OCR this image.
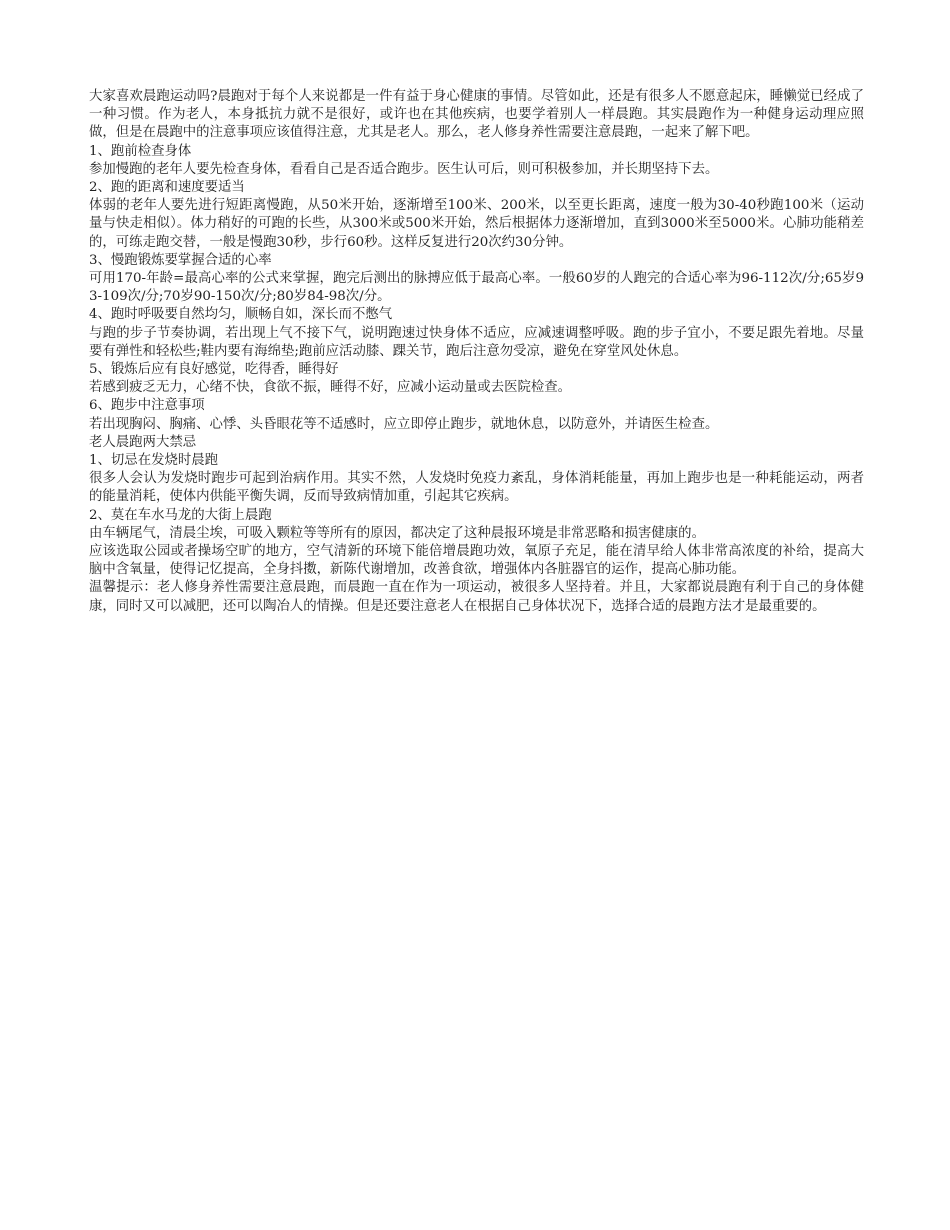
大家喜欢晨跑运动吗?晨跑对于每个人来说都是一件有益于身心健康的事情。尽管如此，还是有很多人不愿意起床，睡懒觉已经成了一种习惯。作为老人，本身抵抗力就不是很好，或许也在其他疾病，也要学着别人一样晨跑。其实晨跑作为一种健身运动理应照做，但是在晨跑中的注意事项应该值得注意，尤其是老人。那么，老人修身养性需要注意晨跑，一起来了解下吧。

1、跑前检查身体

参加慢跑的老年人要先检查身体，看看自己是否适合跑步。医生认可后，则可积极参加，并长期坚持下去。

2、跑的距离和速度要适当

体弱的老年人要先进行短距离慢跑，从50米开始，逐渐增至100米、200米，以至更长距离，速度一般为30-40秒跑100米（运动量与快走相似）。体力稍好的可跑的长些，从300米或500米开始，然后根据体力逐渐增加，直到3000米至5000米。心肺功能稍差的，可练走跑交替，一般是慢跑30秒，步行60秒。这样反复进行20次约30分钟。

3、慢跑锻炼要掌握合适的心率

可用170-年龄=最高心率的公式来掌握，跑完后测出的脉搏应低于最高心率。一般60岁的人跑完的合适心率为96-112次/分;65岁93-109次/分;70岁90-150次/分;80岁84-98次/分。

4、跑时呼吸要自然均匀，顺畅自如，深长而不憋气

与跑的步子节奏协调，若出现上气不接下气，说明跑速过快身体不适应，应减速调整呼吸。跑的步子宜小，不要足跟先着地。尽量要有弹性和轻松些;鞋内要有海绵垫;跑前应活动膝、踝关节，跑后注意勿受凉，避免在穿堂风处休息。

5、锻炼后应有良好感觉，吃得香，睡得好

若感到疲乏无力，心绪不快，食欲不振，睡得不好，应减小运动量或去医院检查。

6、跑步中注意事项

若出现胸闷、胸痛、心悸、头昏眼花等不适感时，应立即停止跑步，就地休息，以防意外，并请医生检查。

老人晨跑两大禁忌

1、切忌在发烧时晨跑

很多人会认为发烧时跑步可起到治病作用。其实不然，人发烧时免疫力紊乱，身体消耗能量，再加上跑步也是一种耗能运动，两者的能量消耗，使体内供能平衡失调，反而导致病情加重，引起其它疾病。

2、莫在车水马龙的大街上晨跑

由车辆尾气，清晨尘埃，可吸入颗粒等等所有的原因，都决定了这种晨报环境是非常恶略和损害健康的。

应该选取公园或者操场空旷的地方，空气清新的环境下能倍增晨跑功效，氧原子充足，能在清早给人体非常高浓度的补给，提高大脑中含氧量，使得记忆提高，全身抖擞，新陈代谢增加，改善食欲，增强体内各脏器官的运作，提高心肺功能。

温馨提示：老人修身养性需要注意晨跑，而晨跑一直在作为一项运动，被很多人坚持着。并且，大家都说晨跑有利于自己的身体健康，同时又可以减肥，还可以陶冶人的情操。但是还要注意老人在根据自己身体状况下，选择合适的晨跑方法才是最重要的。
